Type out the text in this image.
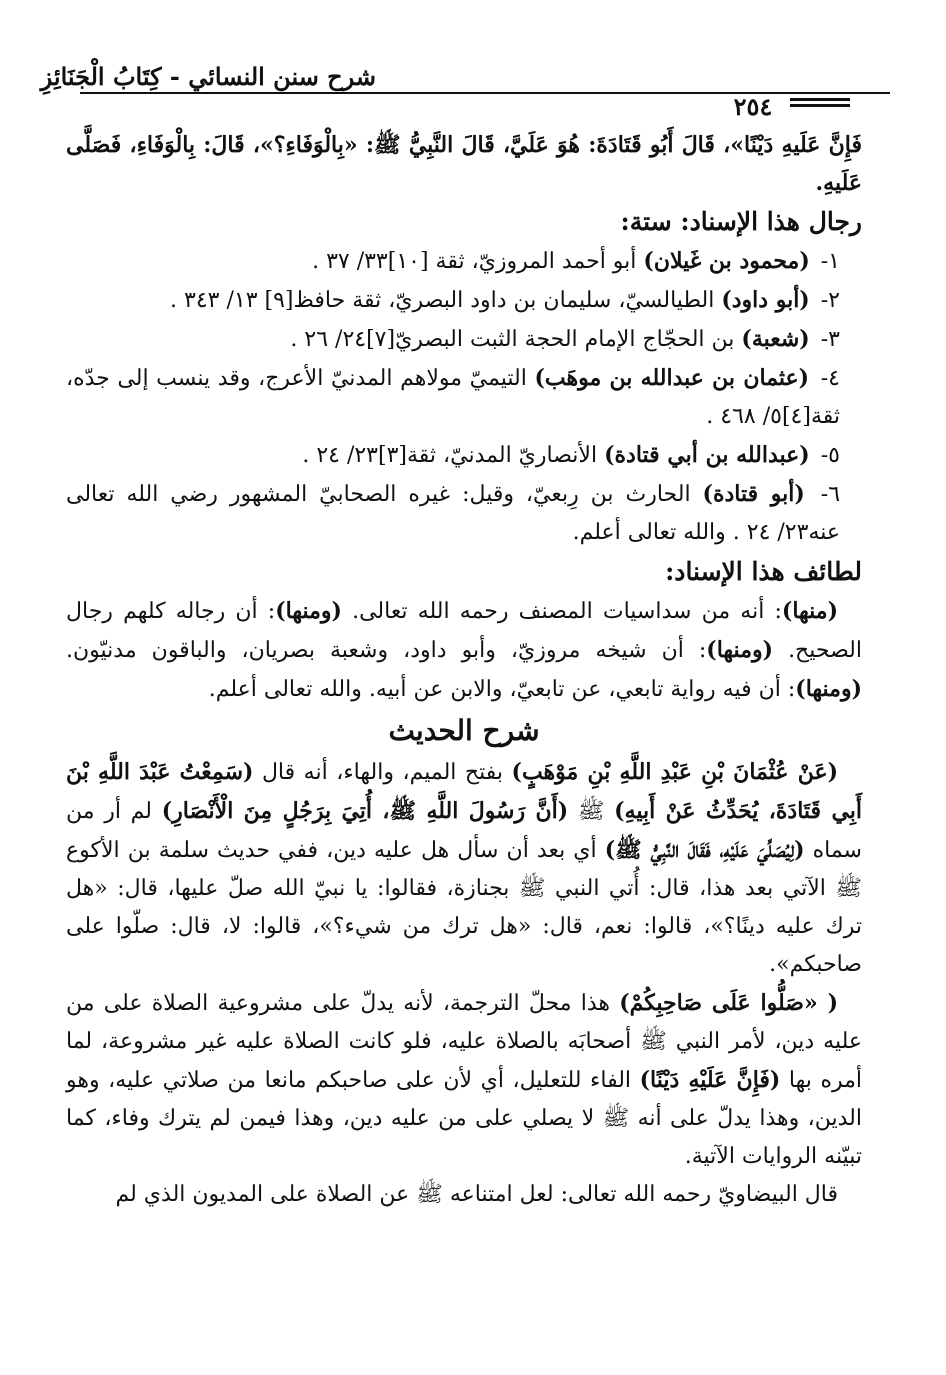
شرح سنن النسائي - كِتَابُ الْجَنَائِزِ
٢٥٤

فَإِنَّ عَلَيهِ دَيْنًا»، قَالَ أَبُو قَتَادَةَ: هُوَ عَلَيَّ، قَالَ النَّبِيُّ ﷺ: «بِالْوَفَاءِ؟»، قَالَ: بِالْوَفَاءِ، فَصَلَّى عَلَيهِ.

رجال هذا الإسناد: ستة:

١- (محمود بن غَيلان) أبو أحمد المروزيّ، ثقة [١٠]٣٣/ ٣٧ .

٢- (أبو داود) الطيالسيّ، سليمان بن داود البصريّ، ثقة حافظ[٩] ١٣/ ٣٤٣ .

٣- (شعبة) بن الحجّاج الإمام الحجة الثبت البصريّ[٧]٢٤/ ٢٦ .

٤- (عثمان بن عبدالله بن موهَب) التيميّ مولاهم المدنيّ الأعرج، وقد ينسب إلى جدّه، ثقة[٤]٥/ ٤٦٨ .

٥- (عبدالله بن أبي قتادة) الأنصاريّ المدنيّ، ثقة[٣]٢٣/ ٢٤ .

٦- (أبو قتادة) الحارث بن رِبعيّ، وقيل: غيره الصحابيّ المشهور رضي الله تعالى عنه٢٣/ ٢٤ . والله تعالى أعلم.

لطائف هذا الإسناد:

(منها): أنه من سداسيات المصنف رحمه الله تعالى. (ومنها): أن رجاله كلهم رجال الصحيح. (ومنها): أن شيخه مروزيّ، وأبو داود، وشعبة بصريان، والباقون مدنيّون. (ومنها): أن فيه رواية تابعي، عن تابعيّ، والابن عن أبيه. والله تعالى أعلم.

شرح الحديث

(عَنْ عُثْمَانَ بْنِ عَبْدِ اللَّهِ بْنِ مَوْهَبٍ) بفتح الميم، والهاء، أنه قال (سَمِعْتُ عَبْدَ اللَّهِ بْنَ أَبِي قَتَادَةَ، يُحَدِّثُ عَنْ أَبِيهِ) ﷺ (أَنَّ رَسُولَ اللَّهِ ﷺ، أُتِيَ بِرَجُلٍ مِنَ الْأَنْصَارِ) لم أر من سماه (لِيُصَلِّيَ عَلَيْهِ، فَقَالَ النَّبِيُّ ﷺ) أي بعد أن سأل هل عليه دين، ففي حديث سلمة بن الأكوع ﷺ الآتي بعد هذا، قال: أُتي النبي ﷺ بجنازة، فقالوا: يا نبيّ الله صلّ عليها، قال: «هل ترك عليه دينًا؟»، قالوا: نعم، قال: «هل ترك من شيء؟»، قالوا: لا، قال: صلّوا على صاحبكم».

( «صَلُّوا عَلَى صَاحِبِكُمْ) هذا محلّ الترجمة، لأنه يدلّ على مشروعية الصلاة على من عليه دين، لأمر النبي ﷺ أصحابَه بالصلاة عليه، فلو كانت الصلاة عليه غير مشروعة، لما أمره بها (فَإِنَّ عَلَيْهِ دَيْنًا) الفاء للتعليل، أي لأن على صاحبكم مانعا من صلاتي عليه، وهو الدين، وهذا يدلّ على أنه ﷺ لا يصلي على من عليه دين، وهذا فيمن لم يترك وفاء، كما تبيّنه الروايات الآتية.

قال البيضاويّ رحمه الله تعالى: لعل امتناعه ﷺ عن الصلاة على المديون الذي لم
